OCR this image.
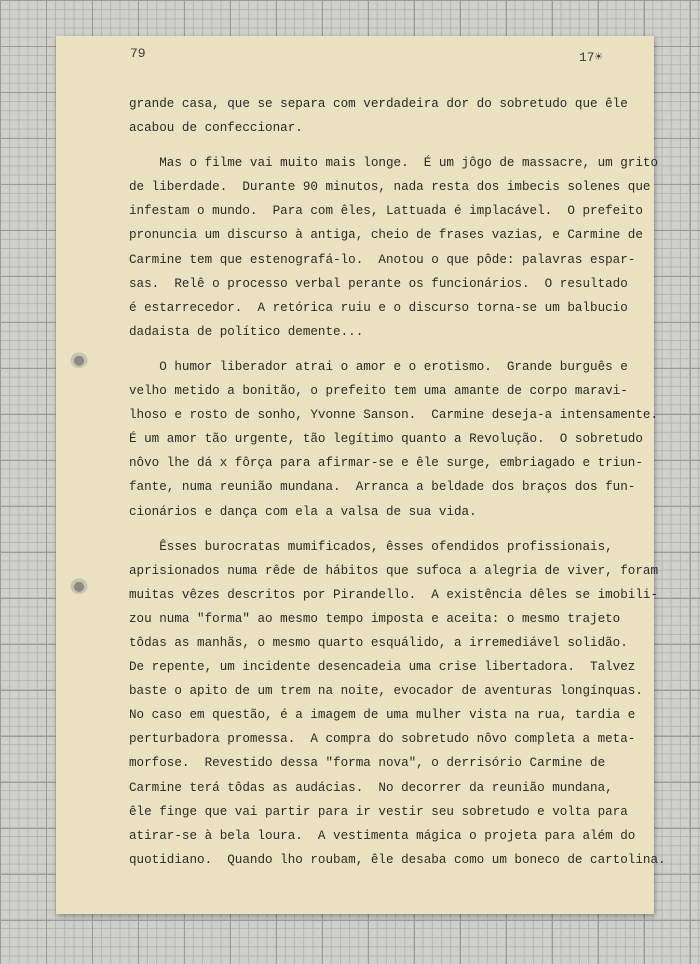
79	17☀
grande casa, que se separa com verdadeira dor do sobretudo que êle
acabou de confeccionar.
Mas o filme vai muito mais longe.  É um jôgo de massacre, um grito
de liberdade.  Durante 90 minutos, nada resta dos imbecis solenes que
infestam o mundo.  Para com êles, Lattuada é implacável.  O prefeito
pronuncia um discurso à antiga, cheio de frases vazias, e Carmine de
Carmine tem que estenografá-lo.  Anotou o que pôde: palavras espar-
sas.  Relê o processo verbal perante os funcionários.  O resultado
é estarrecedor.  A retórica ruiu e o discurso torna-se um balbucio
dadaista de político demente...
O humor liberador atrai o amor e o erotismo.  Grande burguês e
velho metido a bonitão, o prefeito tem uma amante de corpo maravi-
lhoso e rosto de sonho, Yvonne Sanson.  Carmine deseja-a intensamente.
É um amor tão urgente, tão legítimo quanto a Revolução.  O sobretudo
nôvo lhe dá x fôrça para afirmar-se e êle surge, embriagado e triun-
fante, numa reunião mundana.  Arranca a beldade dos braços dos fun-
cionários e dança com ela a valsa de sua vida.
Êsses burocratas mumificados, êsses ofendidos profissionais,
aprisionados numa rêde de hábitos que sufoca a alegria de viver, foram
muitas vêzes descritos por Pirandello.  A existência dêles se imobili-
zou numa "forma" ao mesmo tempo imposta e aceita: o mesmo trajeto
tôdas as manhãs, o mesmo quarto esquálido, a irremediável solidão.
De repente, um incidente desencadeia uma crise libertadora.  Talvez
baste o apito de um trem na noite, evocador de aventuras longínquas.
No caso em questão, é a imagem de uma mulher vista na rua, tardia e
perturbadora promessa.  A compra do sobretudo nôvo completa a meta-
morfose.  Revestido dessa "forma nova", o derrisório Carmine de
Carmine terá tôdas as audácias.  No decorrer da reunião mundana,
êle finge que vai partir para ir vestir seu sobretudo e volta para
atirar-se à bela loura.  A vestimenta mágica o projeta para além do
quotidiano.  Quando lho roubam, êle desaba como um boneco de cartolina.
